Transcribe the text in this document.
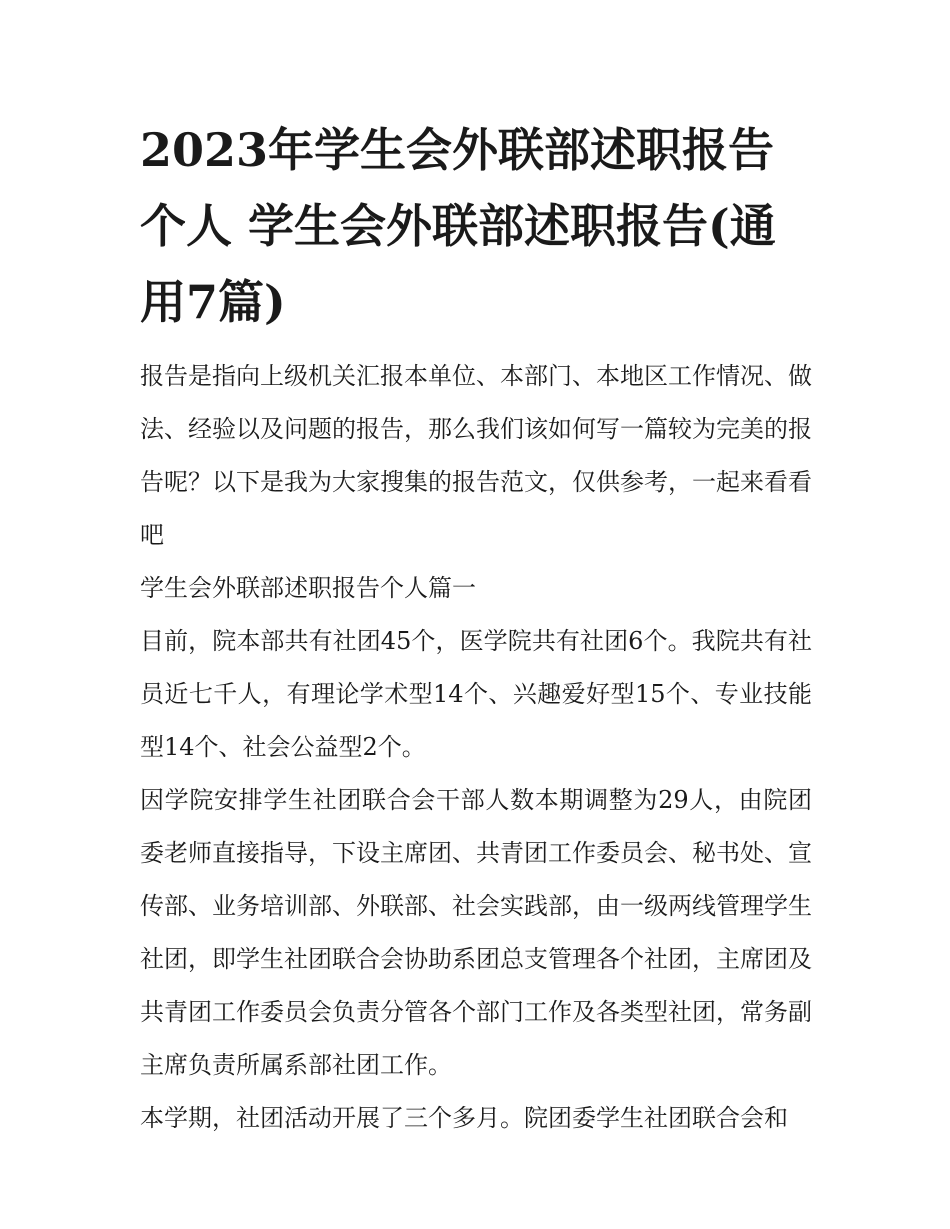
2023年学生会外联部述职报告个人 学生会外联部述职报告(通用7篇)

报告是指向上级机关汇报本单位、本部门、本地区工作情况、做法、经验以及问题的报告，那么我们该如何写一篇较为完美的报告呢？以下是我为大家搜集的报告范文，仅供参考，一起来看看吧

学生会外联部述职报告个人篇一

目前，院本部共有社团45个，医学院共有社团6个。我院共有社员近七千人，有理论学术型14个、兴趣爱好型15个、专业技能型14个、社会公益型2个。

因学院安排学生社团联合会干部人数本期调整为29人，由院团委老师直接指导，下设主席团、共青团工作委员会、秘书处、宣传部、业务培训部、外联部、社会实践部，由一级两线管理学生社团，即学生社团联合会协助系团总支管理各个社团，主席团及共青团工作委员会负责分管各个部门工作及各类型社团，常务副主席负责所属系部社团工作。

本学期，社团活动开展了三个多月。院团委学生社团联合会和
